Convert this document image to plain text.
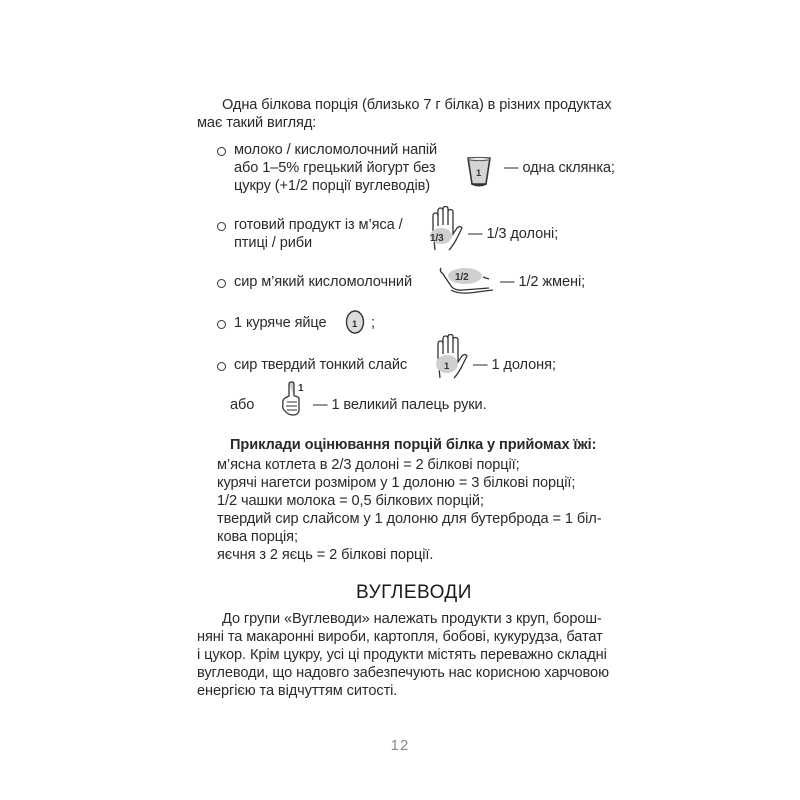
Одна білкова порція (близько 7 г білка) в різних продуктах

має такий вигляд:

молоко / кисломолочний напій
або 1–5% грецький йогурт без
цукру (+1/2 порції вуглеводів)
1 — одна склянка;
готовий продукт із м’яса /
птиці / риби	1/3 — 1/3 долоні;
сир м’який кисломолочний	1/2 — 1/2 жмені;
1 куряче яйце	1 ;
сир твердий тонкий слайс	1 — 1 долоня;
або
1
— 1 великий палець руки.

Приклади оцінювання порцій білка у прийомах їжі:

м’ясна котлета в 2/3 долоні = 2 білкові порції;
курячі нагетси розміром у 1 долоню = 3 білкові порції;
1/2 чашки молока = 0,5 білкових порцій;
твердий сир слайсом у 1 долоню для бутерброда = 1 біл-
кова порція;
яєчня з 2 яєць = 2 білкові порції.
ВУГЛЕВОДИ
До групи «Вуглеводи» належать продукти з круп, борош-
няні та макаронні вироби, картопля, бобові, кукурудза, батат
і цукор. Крім цукру, усі ці продукти містять переважно складні
вуглеводи, що надовго забезпечують нас корисною харчовою
енергією та відчуттям ситості.
12
